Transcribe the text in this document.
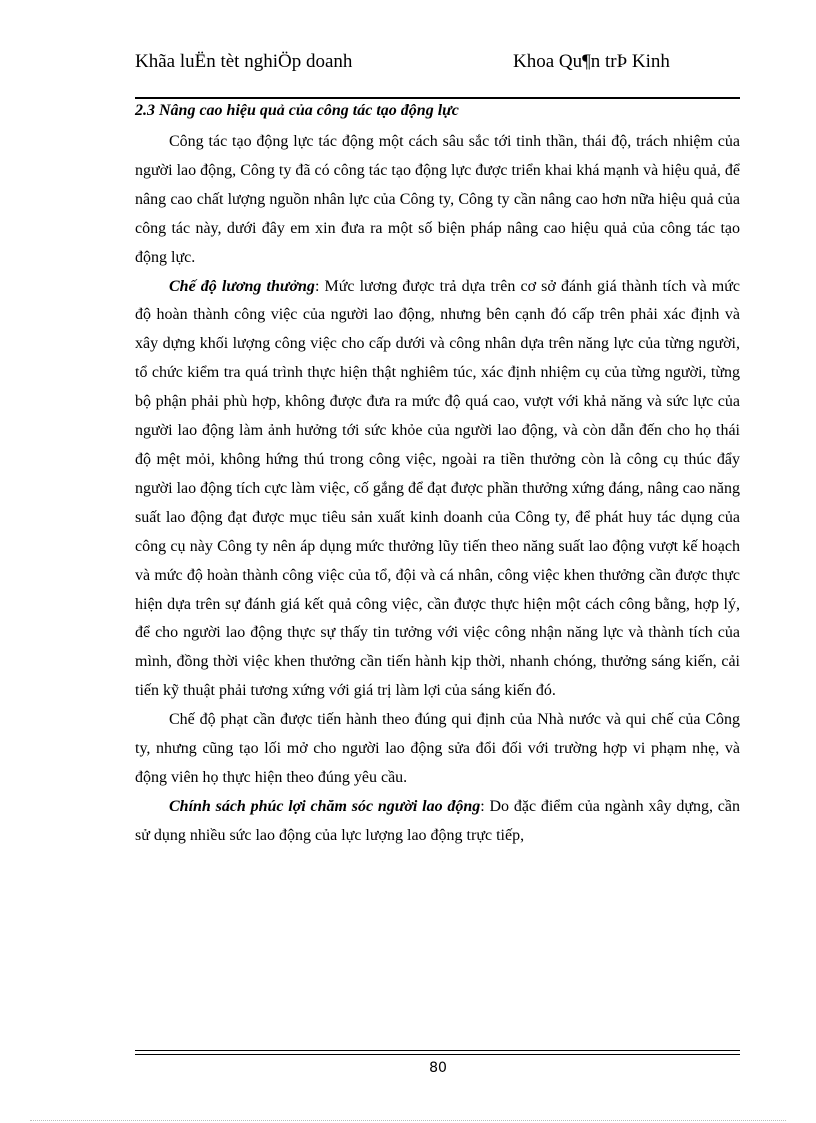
Khãa luËn tèt nghiÖp doanh	Khoa Qu¶n trÞ Kinh
2.3 Nâng cao hiệu quả của công tác tạo động lực

Công tác tạo động lực tác động một cách sâu sắc tới tinh thần, thái độ, trách nhiệm của người lao động, Công ty đã có công tác tạo động lực được triển khai khá mạnh và hiệu quả, để nâng cao chất lượng nguồn nhân lực của Công ty, Công ty cần nâng cao hơn nữa hiệu quả của công tác này, dưới đây em xin đưa ra một số biện pháp nâng cao hiệu quả của công tác tạo động lực.

Chế độ lương thưởng: Mức lương được trả dựa trên cơ sở đánh giá thành tích và mức độ hoàn thành công việc của người lao động, nhưng bên cạnh đó cấp trên phải xác định và xây dựng khối lượng công việc cho cấp dưới và công nhân dựa trên năng lực của từng người, tổ chức kiểm tra quá trình thực hiện thật nghiêm túc, xác định nhiệm cụ của từng người, từng bộ phận phải phù hợp, không được đưa ra mức độ quá cao, vượt với khả năng và sức lực của người lao động làm ảnh hưởng tới sức khỏe của người lao động, và còn dẫn đến cho họ thái độ mệt mỏi, không hứng thú trong công việc, ngoài ra tiền thưởng còn là công cụ thúc đẩy người lao động tích cực làm việc, cố gắng để đạt được phần thưởng xứng đáng, nâng cao năng suất lao động đạt được mục tiêu sản xuất kinh doanh của Công ty, để phát huy tác dụng của công cụ này Công ty nên áp dụng mức thưởng lũy tiến theo năng suất lao động vượt kế hoạch và mức độ hoàn thành công việc của tổ, đội và cá nhân, công việc khen thưởng cần được thực hiện dựa trên sự đánh giá kết quả công việc, cần được thực hiện một cách công bằng, hợp lý, để cho người lao động thực sự thấy tin tưởng với việc công nhận năng lực và thành tích của mình, đồng thời việc khen thưởng cần tiến hành kịp thời, nhanh chóng, thưởng sáng kiến, cải tiến kỹ thuật phải tương xứng với giá trị làm lợi của sáng kiến đó.

Chế độ phạt cần được tiến hành theo đúng qui định của Nhà nước và qui chế của Công ty, nhưng cũng tạo lối mở cho người lao động sửa đổi đối với trường hợp vi phạm nhẹ, và động viên họ thực hiện theo đúng yêu cầu.

Chính sách phúc lợi chăm sóc người lao động: Do đặc điểm của ngành xây dựng, cần sử dụng nhiều sức lao động của lực lượng lao động trực tiếp,

80
